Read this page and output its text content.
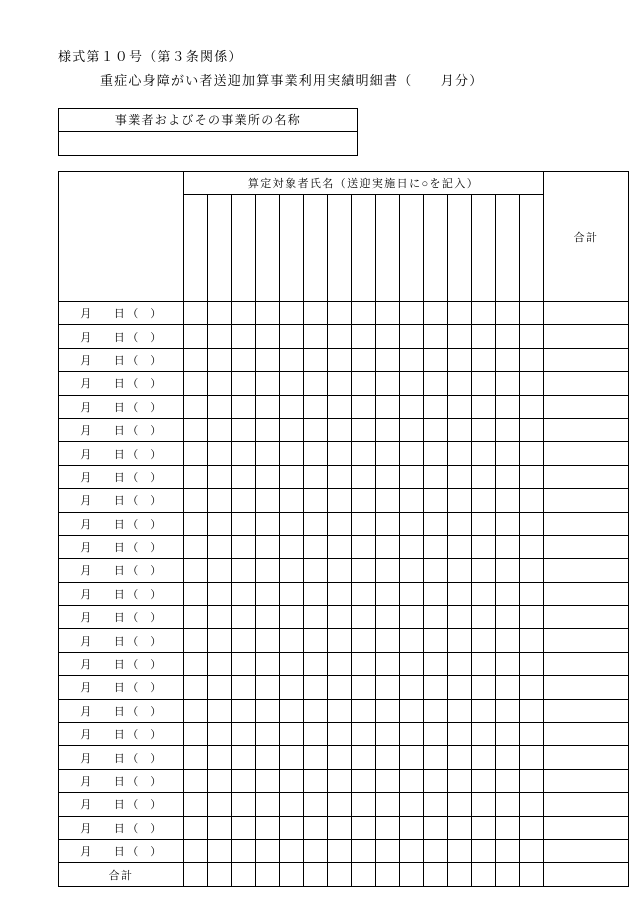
様式第１０号（第３条関係）
重症心身障がい者送迎加算事業利用実績明細書（　　月分）
事業者およびその事業所の名称
	算定対象者氏名（送迎実施日に○を記入）															合計

月 日 （　）																
月 日 （　）																
月 日 （　）																
月 日 （　）																
月 日 （　）																
月 日 （　）																
月 日 （　）																
月 日 （　）																
月 日 （　）																
月 日 （　）																
月 日 （　）																
月 日 （　）																
月 日 （　）																
月 日 （　）																
月 日 （　）																
月 日 （　）																
月 日 （　）																
月 日 （　）																
月 日 （　）																
月 日 （　）																
月 日 （　）																
月 日 （　）																
月 日 （　）																
月 日 （　）																
合計																
